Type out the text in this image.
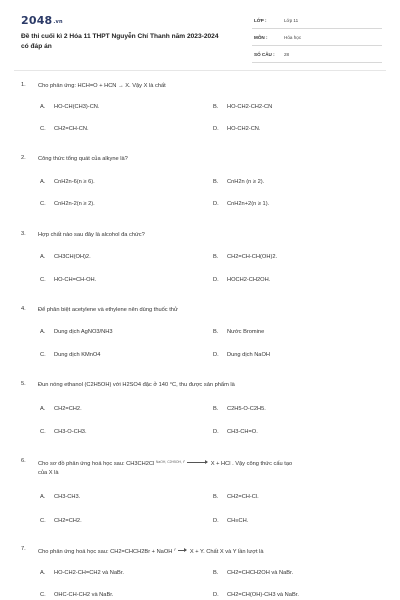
$2048^{.vn}$
Đề thi cuối kì 2 Hóa 11 THPT Nguyễn Chí Thanh năm 2023-2024 có đáp án
LỚP :	Lớp 11
MÔN :	Hóa học
SỐ CÂU : 28
1. Cho phản ứng: HCH=O + HCN → X. Vậy X là chất
A. HO-CH(CH3)-CN.	B. HO-CH2-CH2-CN
C. CH2=CH-CN.	D. HO-CH2-CN.
2. Công thức tổng quát của alkyne là?
A. CnH2n-6(n ≥ 6).	B. CnH2n (n ≥ 2).
C. CnH2n-2(n ≥ 2).	D. CnH2n+2(n ≥ 1).
3. Hợp chất nào sau đây là alcohol đa chức?
A. CH3CH(OH)2.	B. CH2=CH-CH(OH)2.
C. HO-CH=CH-OH.	D. HOCH2-CH2OH.
4. Để phân biệt acetylene và ethylene nên dùng thuốc thử
A. Dung dịch AgNO3/NH3	B. Nước Bromine
C. Dung dịch KMnO4	D. Dung dịch NaOH
5. Đun nóng ethanol (C2H5OH) với H2SO4 đặc ở 140 °C, thu được sản phẩm là
A. CH2=CH2.	B. C2H5-O-C2H5.
C. CH3-O-CH3.	D. CH3-CH=O.
6. Cho sơ đồ phản ứng hoá học sau: CH3CH2Cl $^{NaOH, C2H5OH, t^\circ}$ → X + HCl . Vậy công thức cấu tạo
của X là
A. CH3-CH3.	B. CH2=CH-Cl.
C. CH2=CH2.	D. CH≡CH.
7. Cho phản ứng hoá học sau: CH2=CHCH2Br + NaOH $^{t^\circ}$ → X + Y. Chất X và Y lần lượt là
A. HO-CH2-CH=CH2 và NaBr.	B. CH2=CHCH2OH và NaBr.
C. OHC-CH-CH2 và NaBr.	D. CH2=CH(OH)-CH3 và NaBr.
